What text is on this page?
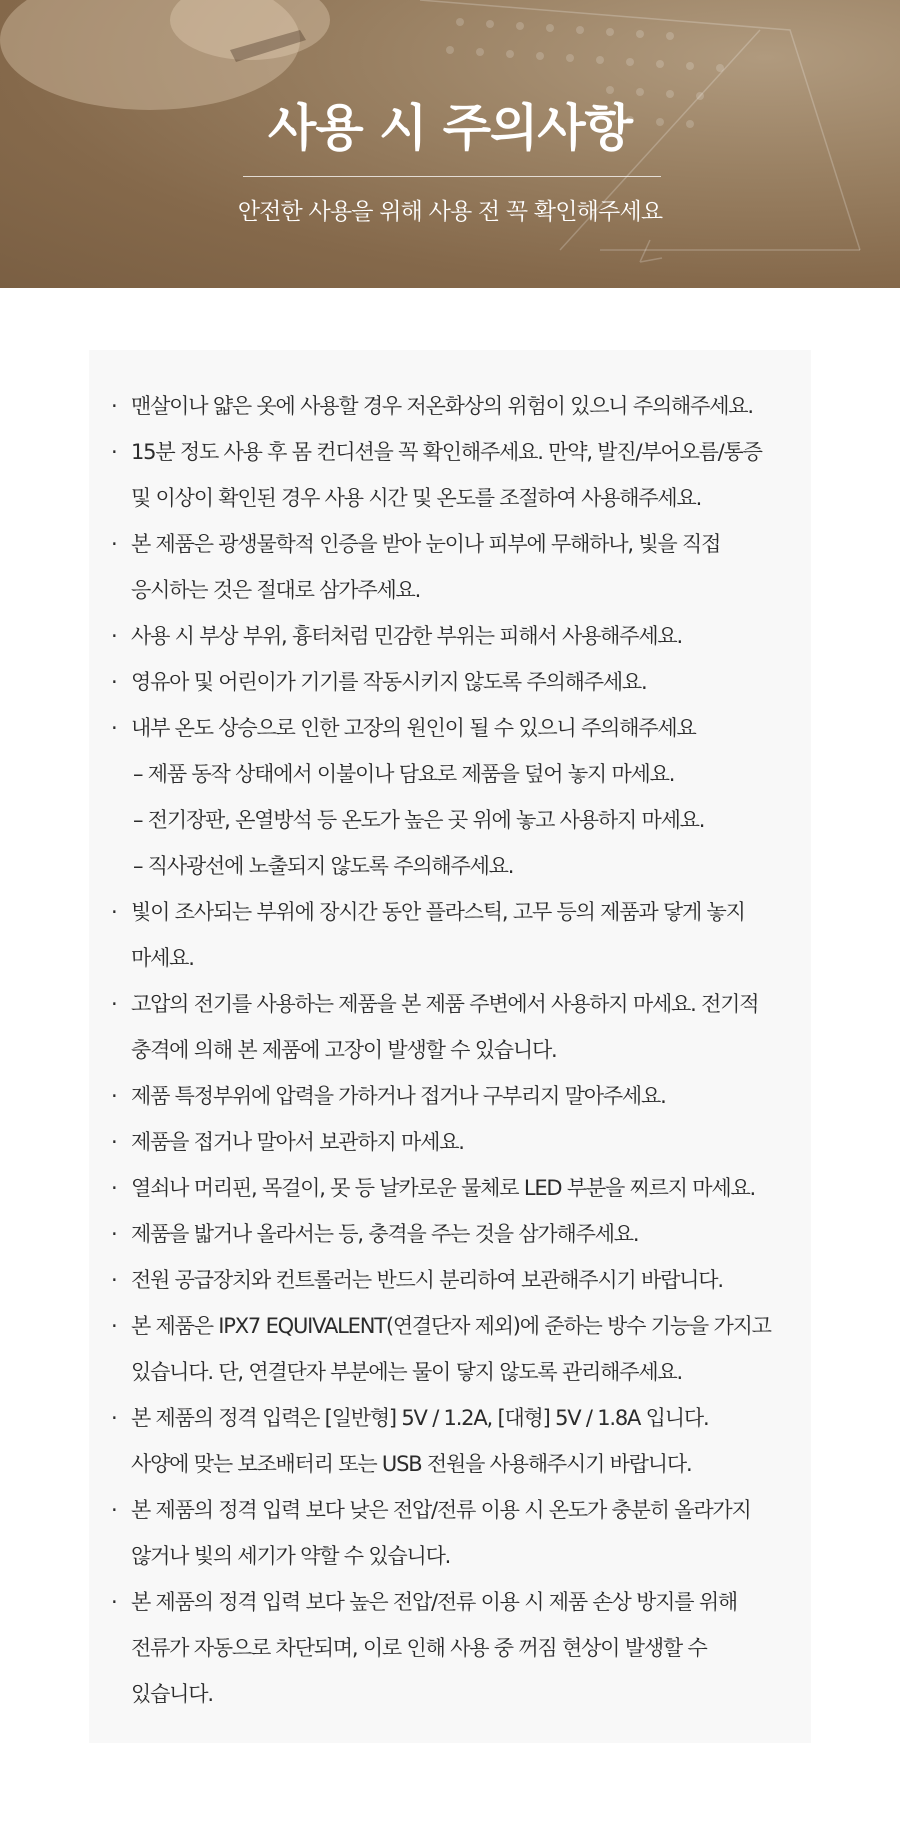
사용 시 주의사항
안전한 사용을 위해 사용 전 꼭 확인해주세요
· 맨살이나 얇은 옷에 사용할 경우 저온화상의 위험이 있으니 주의해주세요.
· 15분 정도 사용 후 몸 컨디션을 꼭 확인해주세요. 만약, 발진/부어오름/통증
및 이상이 확인된 경우 사용 시간 및 온도를 조절하여 사용해주세요.
· 본 제품은 광생물학적 인증을 받아 눈이나 피부에 무해하나, 빛을 직접
응시하는 것은 절대로 삼가주세요.
· 사용 시 부상 부위, 흉터처럼 민감한 부위는 피해서 사용해주세요.
· 영유아 및 어린이가 기기를 작동시키지 않도록 주의해주세요.
· 내부 온도 상승으로 인한 고장의 원인이 될 수 있으니 주의해주세요
– 제품 동작 상태에서 이불이나 담요로 제품을 덮어 놓지 마세요.
– 전기장판, 온열방석 등 온도가 높은 곳 위에 놓고 사용하지 마세요.
– 직사광선에 노출되지 않도록 주의해주세요.
· 빛이 조사되는 부위에 장시간 동안 플라스틱, 고무 등의 제품과 닿게 놓지
마세요.
· 고압의 전기를 사용하는 제품을 본 제품 주변에서 사용하지 마세요. 전기적
충격에 의해 본 제품에 고장이 발생할 수 있습니다.
· 제품 특정부위에 압력을 가하거나 접거나 구부리지 말아주세요.
· 제품을 접거나 말아서 보관하지 마세요.
· 열쇠나 머리핀, 목걸이, 못 등 날카로운 물체로 LED 부분을 찌르지 마세요.
· 제품을 밟거나 올라서는 등, 충격을 주는 것을 삼가해주세요.
· 전원 공급장치와 컨트롤러는 반드시 분리하여 보관해주시기 바랍니다.
· 본 제품은 IPX7 EQUIVALENT(연결단자 제외)에 준하는 방수 기능을 가지고
있습니다. 단, 연결단자 부분에는 물이 닿지 않도록 관리해주세요.
· 본 제품의 정격 입력은 [일반형] 5V / 1.2A, [대형] 5V / 1.8A 입니다.
사양에 맞는 보조배터리 또는 USB 전원을 사용해주시기 바랍니다.
· 본 제품의 정격 입력 보다 낮은 전압/전류 이용 시 온도가 충분히 올라가지
않거나 빛의 세기가 약할 수 있습니다.
· 본 제품의 정격 입력 보다 높은 전압/전류 이용 시 제품 손상 방지를 위해
전류가 자동으로 차단되며, 이로 인해 사용 중 꺼짐 현상이 발생할 수
있습니다.
